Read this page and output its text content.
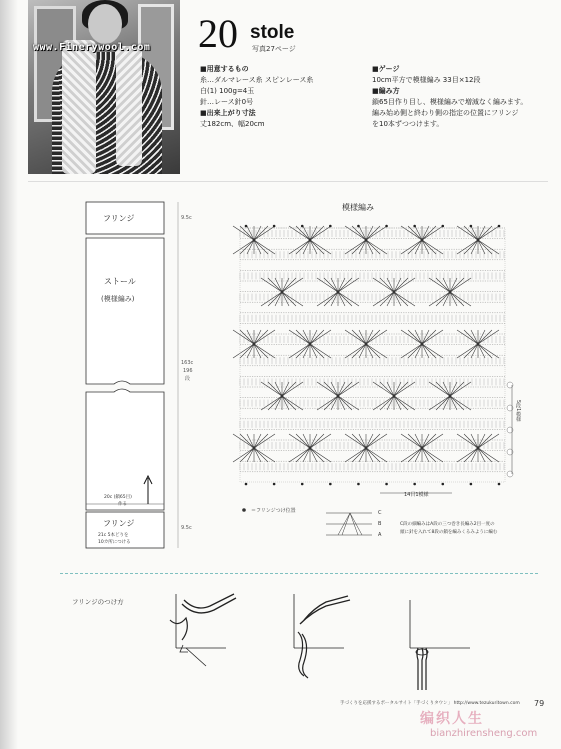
www.Finerywool.com 20 stole
写真27ページ
■用意するもの
糸…ダルマレース糸 スピンレース糸
白(1) 100g=4玉
針…レース針0号
■出来上がり寸法
丈182cm、幅20cm
■ゲージ
10cm平方で模様編み 33目×12段
■編み方
鎖65目作り目し、模様編みで増減なく編みます。
編み始め側と終わり側の指定の位置にフリンジ
を10本ずつつけます。
フリンジ
ストール
(模様編み)
フリンジ
21c 5本どりを
10カ所につける
20c (鎖65目)
作る
9.5c
163c
196
段
9.5c
模様編み
14目1模様
5段1模様
＝フリンジつけ位置	C
B
A
C段の細編みはA段の三つ巻き長編み2目一度の
頭に針を入れて8段の鎖を編みくるみように編む
フリンジのつけ方
手づくりを応援するポータルサイト「手づくりタウン」 http://www.tezukuritown.com 79
编织人生
bianzhirensheng.com
